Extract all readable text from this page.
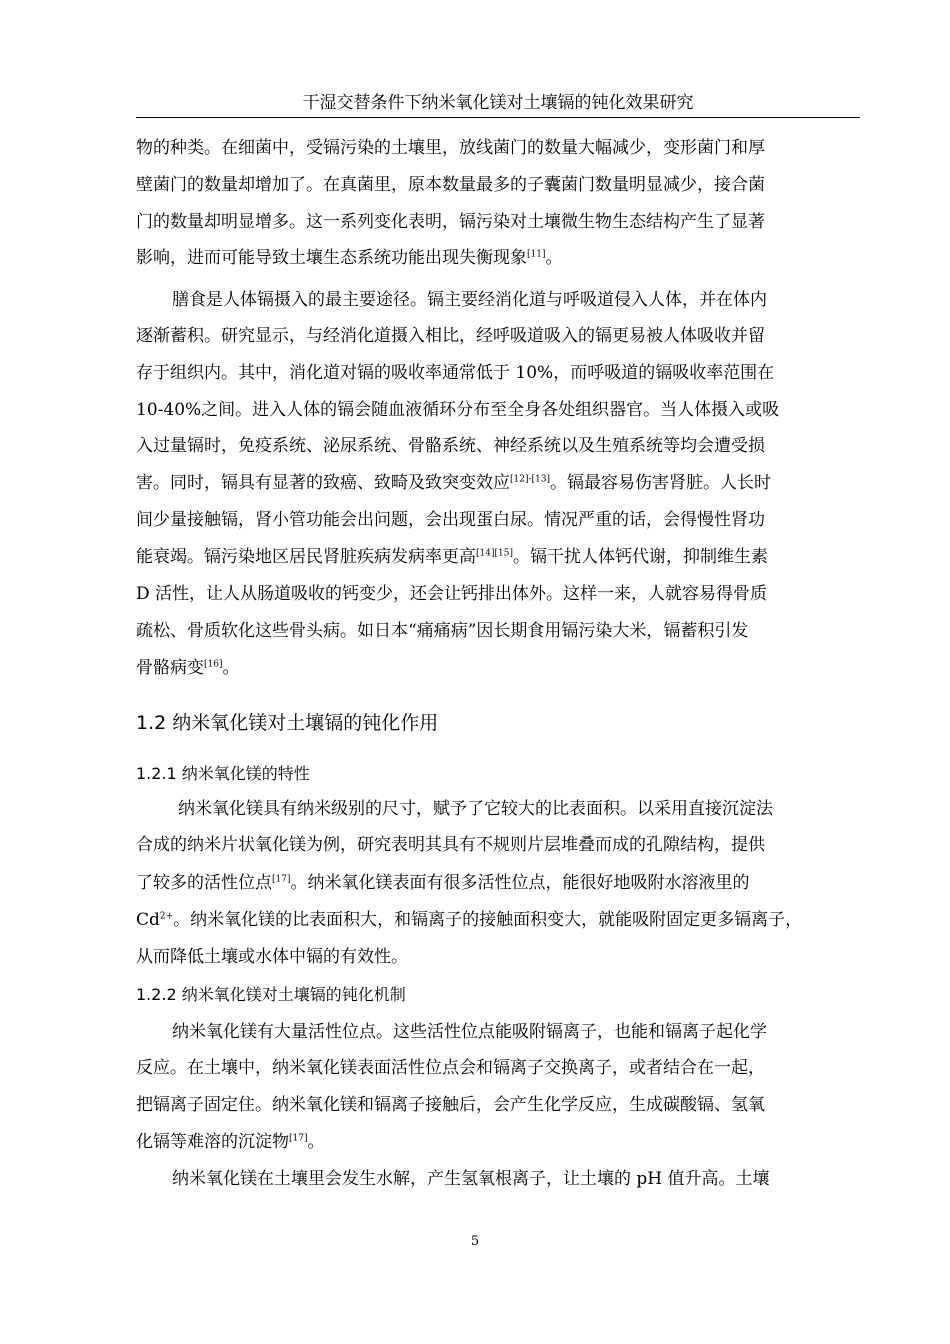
干湿交替条件下纳米氧化镁对土壤镉的钝化效果研究
物的种类。在细菌中，受镉污染的土壤里，放线菌门的数量大幅减少，变形菌门和厚
壁菌门的数量却增加了。在真菌里，原本数量最多的子囊菌门数量明显减少，接合菌
门的数量却明显增多。这一系列变化表明，镉污染对土壤微生物生态结构产生了显著
影响，进而可能导致土壤生态系统功能出现失衡现象[11]。
膳食是人体镉摄入的最主要途径。镉主要经消化道与呼吸道侵入人体，并在体内
逐渐蓄积。研究显示，与经消化道摄入相比，经呼吸道吸入的镉更易被人体吸收并留
存于组织内。其中，消化道对镉的吸收率通常低于 10%，而呼吸道的镉吸收率范围在
10-40%之间。进入人体的镉会随血液循环分布至全身各处组织器官。当人体摄入或吸
入过量镉时，免疫系统、泌尿系统、骨骼系统、神经系统以及生殖系统等均会遭受损
害。同时，镉具有显著的致癌、致畸及致突变效应[12]-[13]。镉最容易伤害肾脏。人长时
间少量接触镉，肾小管功能会出问题，会出现蛋白尿。情况严重的话，会得慢性肾功
能衰竭。镉污染地区居民肾脏疾病发病率更高[14][15]。镉干扰人体钙代谢，抑制维生素
D 活性，让人从肠道吸收的钙变少，还会让钙排出体外。这样一来，人就容易得骨质
疏松、骨质软化这些骨头病。如日本“痛痛病”因长期食用镉污染大米，镉蓄积引发
骨骼病变[16]。
1.2 纳米氧化镁对土壤镉的钝化作用
1.2.1 纳米氧化镁的特性
纳米氧化镁具有纳米级别的尺寸，赋予了它较大的比表面积。以采用直接沉淀法
合成的纳米片状氧化镁为例，研究表明其具有不规则片层堆叠而成的孔隙结构，提供
了较多的活性位点[17]。纳米氧化镁表面有很多活性位点，能很好地吸附水溶液里的
$Cd^{2+}$。纳米氧化镁的比表面积大，和镉离子的接触面积变大，就能吸附固定更多镉离子，
从而降低土壤或水体中镉的有效性。
1.2.2 纳米氧化镁对土壤镉的钝化机制
纳米氧化镁有大量活性位点。这些活性位点能吸附镉离子，也能和镉离子起化学
反应。在土壤中，纳米氧化镁表面活性位点会和镉离子交换离子，或者结合在一起，
把镉离子固定住。纳米氧化镁和镉离子接触后，会产生化学反应，生成碳酸镉、氢氧
化镉等难溶的沉淀物[17]。
纳米氧化镁在土壤里会发生水解，产生氢氧根离子，让土壤的 pH 值升高。土壤
5
